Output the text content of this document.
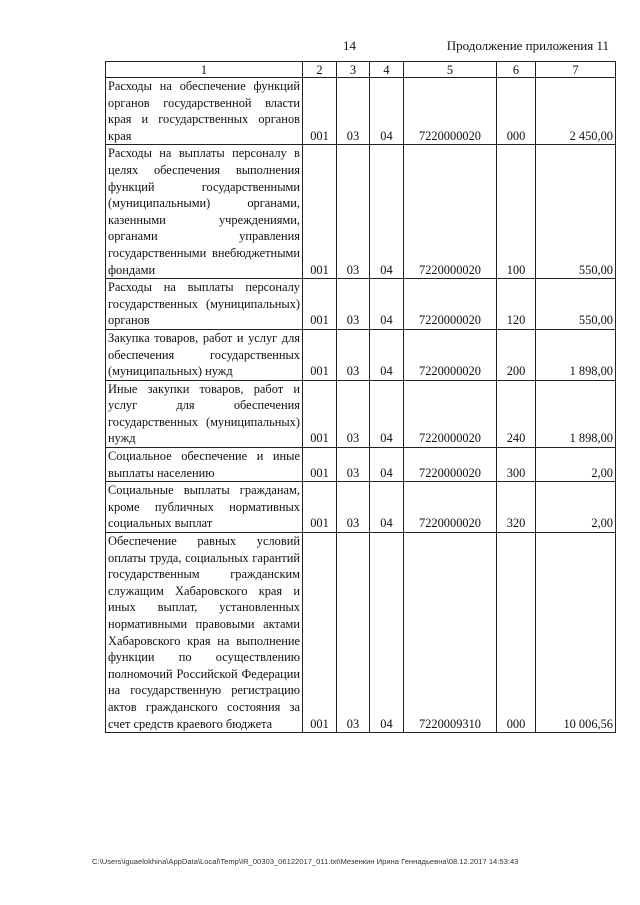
14	Продолжение приложения 11
1	2	3	4	5	6	7
Расходы на обеспечение функций органов государственной власти края и государственных органов края	001	03	04	7220000020	000	2 450,00
Расходы на выплаты персоналу в целях обеспечения выполнения функций государственными (муниципальными) органами, казенными учреждениями, органами управления государственными внебюджетными фондами	001	03	04	7220000020	100	550,00
Расходы на выплаты персоналу государственных (муниципальных) органов	001	03	04	7220000020	120	550,00
Закупка товаров, работ и услуг для обеспечения государственных (муниципальных) нужд	001	03	04	7220000020	200	1 898,00
Иные закупки товаров, работ и услуг для обеспечения государственных (муниципальных) нужд	001	03	04	7220000020	240	1 898,00
Социальное обеспечение и иные выплаты населению	001	03	04	7220000020	300	2,00
Социальные выплаты гражданам, кроме публичных нормативных социальных выплат	001	03	04	7220000020	320	2,00
Обеспечение равных условий оплаты труда, социальных гарантий государственным гражданским служащим Хабаровского края и иных выплат, установленных нормативными правовыми актами Хабаровского края на выполнение функции по осуществлению полномочий Российской Федерации на государственную регистрацию актов гражданского состояния за счет средств краевого бюджета	001	03	04	7220009310	000	10 006,56
C:\Users\iguaelokhina\AppData\Local\Temp\IR_00303_06122017_011.txt\Мезенкин Ирина Геннадьевна\08.12.2017 14:53:43
